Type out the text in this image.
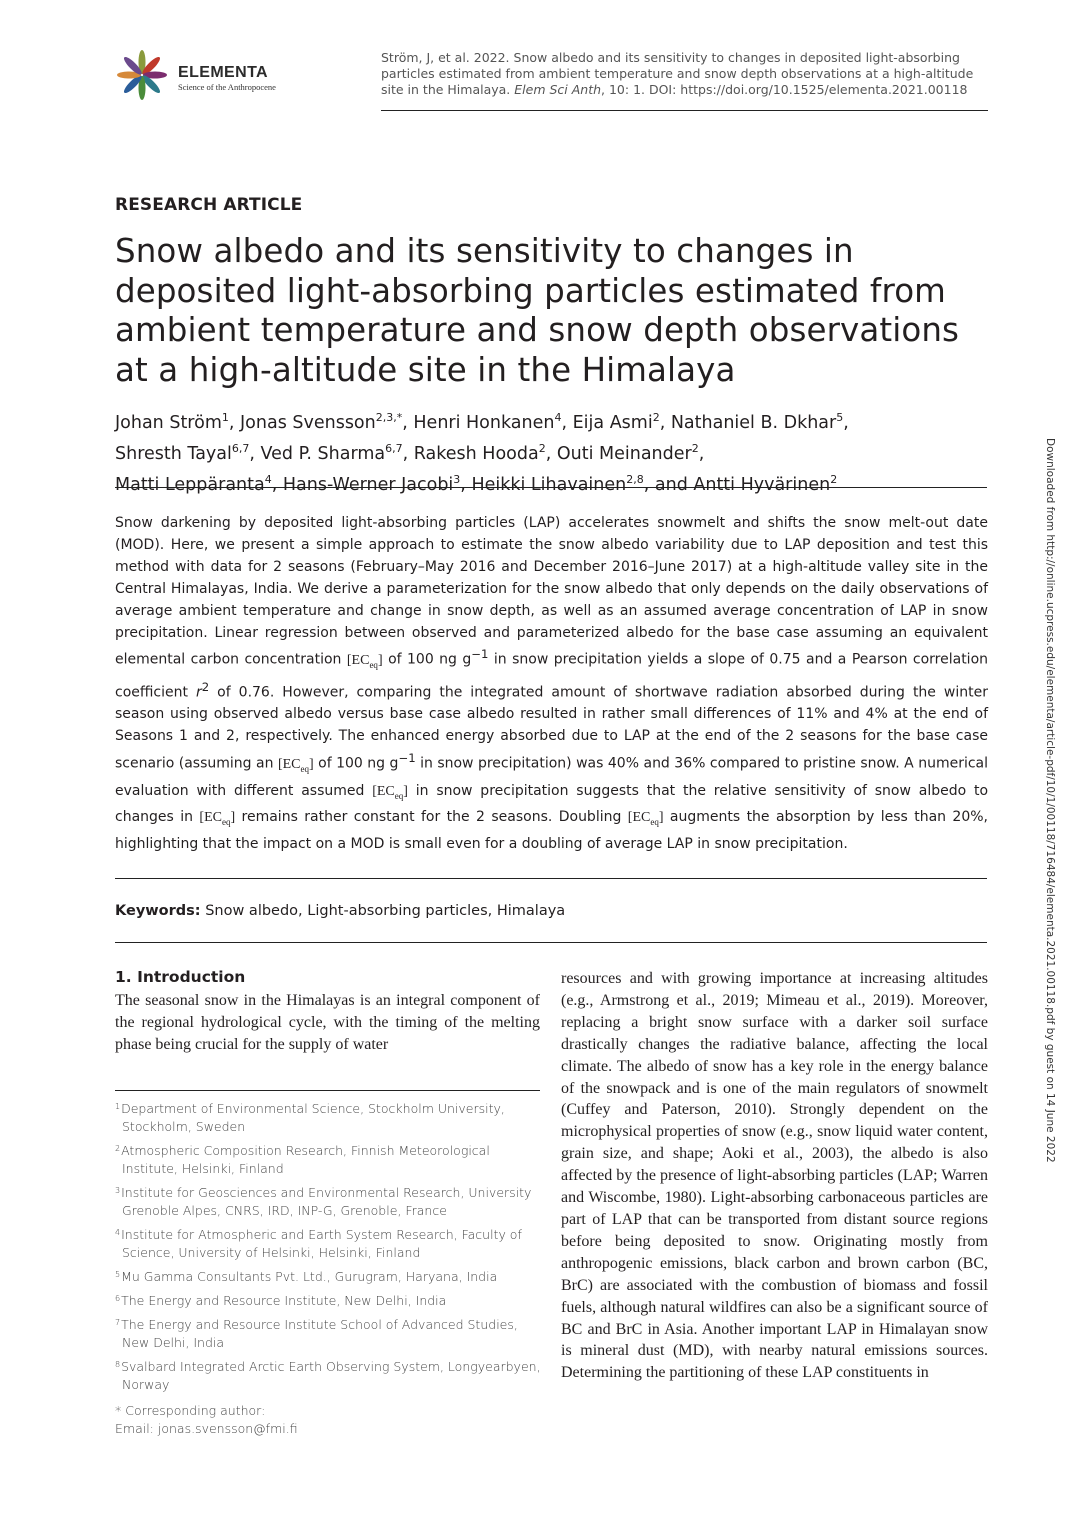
ELEMENTA
Science of the Anthropocene
Ström, J, et al. 2022. Snow albedo and its sensitivity to changes in deposited light-absorbing particles estimated from ambient temperature and snow depth observations at a high-altitude site in the Himalaya. Elem Sci Anth, 10: 1. DOI: https://doi.org/10.1525/elementa.2021.00118
RESEARCH ARTICLE
Snow albedo and its sensitivity to changes in deposited light-absorbing particles estimated from ambient temperature and snow depth observations at a high-altitude site in the Himalaya
Johan Ström$^1$, Jonas Svensson$^{2,3,*}$, Henri Honkanen$^4$, Eija Asmi$^2$, Nathaniel B. Dkhar$^5$,
Shresth Tayal$^{6,7}$, Ved P. Sharma$^{6,7}$, Rakesh Hooda$^2$, Outi Meinander$^2$,
Matti Leppäranta$^4$, Hans-Werner Jacobi$^3$, Heikki Lihavainen$^{2,8}$, and Antti Hyvärinen$^2$
Snow darkening by deposited light-absorbing particles (LAP) accelerates snowmelt and shifts the snow melt-out date (MOD). Here, we present a simple approach to estimate the snow albedo variability due to LAP deposition and test this method with data for 2 seasons (February–May 2016 and December 2016–June 2017) at a high-altitude valley site in the Central Himalayas, India. We derive a parameterization for the snow albedo that only depends on the daily observations of average ambient temperature and change in snow depth, as well as an assumed average concentration of LAP in snow precipitation. Linear regression between observed and parameterized albedo for the base case assuming an equivalent elemental carbon concentration $[EC_{eq}]$ of 100 ng $g^{-1}$ in snow precipitation yields a slope of 0.75 and a Pearson correlation coefficient $r^2$ of 0.76. However, comparing the integrated amount of shortwave radiation absorbed during the winter season using observed albedo versus base case albedo resulted in rather small differences of 11% and 4% at the end of Seasons 1 and 2, respectively. The enhanced energy absorbed due to LAP at the end of the 2 seasons for the base case scenario (assuming an $[EC_{eq}]$ of 100 ng $g^{-1}$ in snow precipitation) was 40% and 36% compared to pristine snow. A numerical evaluation with different assumed $[EC_{eq}]$ in snow precipitation suggests that the relative sensitivity of snow albedo to changes in $[EC_{eq}]$ remains rather constant for the 2 seasons. Doubling $[EC_{eq}]$ augments the absorption by less than 20%, highlighting that the impact on a MOD is small even for a doubling of average LAP in snow precipitation.
Keywords: Snow albedo, Light-absorbing particles, Himalaya
1. Introduction
The seasonal snow in the Himalayas is an integral component of the regional hydrological cycle, with the timing of the melting phase being crucial for the supply of water
resources and with growing importance at increasing altitudes (e.g., Armstrong et al., 2019; Mimeau et al., 2019). Moreover, replacing a bright snow surface with a darker soil surface drastically changes the radiative balance, affecting the local climate. The albedo of snow has a key role in the energy balance of the snowpack and is one of the main regulators of snowmelt (Cuffey and Paterson, 2010). Strongly dependent on the microphysical properties of snow (e.g., snow liquid water content, grain size, and shape; Aoki et al., 2003), the albedo is also affected by the presence of light-absorbing particles (LAP; Warren and Wiscombe, 1980). Light-absorbing carbonaceous particles are part of LAP that can be transported from distant source regions before being deposited to snow. Originating mostly from anthropogenic emissions, black carbon and brown carbon (BC, BrC) are associated with the combustion of biomass and fossil fuels, although natural wildfires can also be a significant source of BC and BrC in Asia. Another important LAP in Himalayan snow is mineral dust (MD), with nearby natural emissions sources. Determining the partitioning of these LAP constituents in
$^1$Department of Environmental Science, Stockholm University, Stockholm, Sweden
$^2$Atmospheric Composition Research, Finnish Meteorological Institute, Helsinki, Finland
$^3$Institute for Geosciences and Environmental Research, University Grenoble Alpes, CNRS, IRD, INP-G, Grenoble, France
$^4$Institute for Atmospheric and Earth System Research, Faculty of Science, University of Helsinki, Helsinki, Finland
$^5$Mu Gamma Consultants Pvt. Ltd., Gurugram, Haryana, India
$^6$The Energy and Resource Institute, New Delhi, India
$^7$The Energy and Resource Institute School of Advanced Studies, New Delhi, India
$^8$Svalbard Integrated Arctic Earth Observing System, Longyearbyen, Norway
* Corresponding author:
Email: jonas.svensson@fmi.fi
Downloaded from http://online.ucpress.edu/elementa/article-pdf/10/1/00118/716484/elementa.2021.00118.pdf by guest on 14 June 2022
